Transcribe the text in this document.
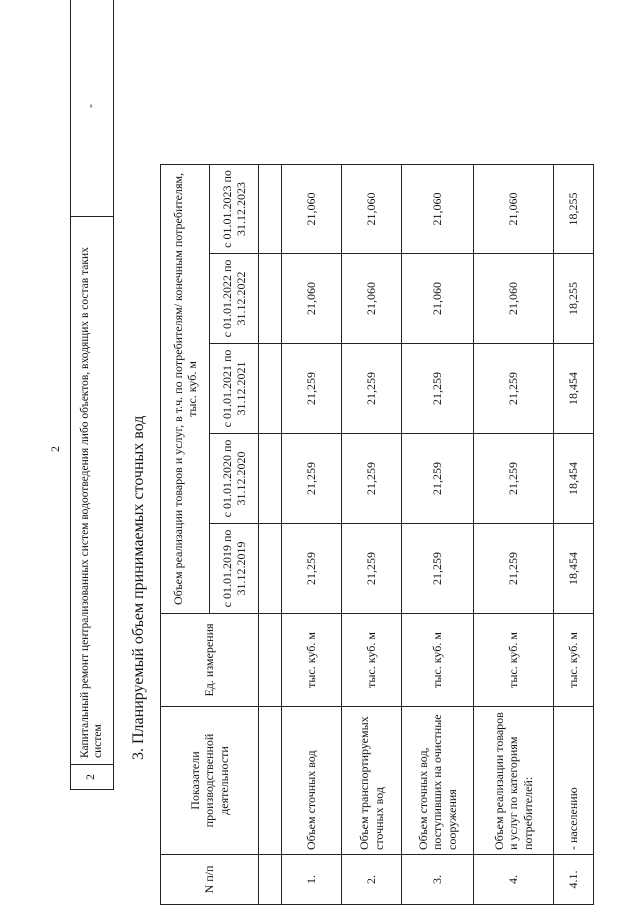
2
2	Капитальный ремонт централизованных систем водоотведения либо объектов, входящих в состав таких систем	-
3. Планируемый объем принимаемых сточных вод
N п/п	Показатели производственной деятельности	Ед. измерения	Объем реализации товаров и услуг, в т.ч. по потребителям/ конечным потребителям, тыс. куб. м				
			с 01.01.2019 по 31.12.2019	с 01.01.2020 по 31.12.2020	с 01.01.2021 по 31.12.2021	с 01.01.2022 по 31.12.2022	с 01.01.2023 по 31.12.2023

1.	Объем сточных вод	тыс. куб. м	21,259	21,259	21,259	21,060	21,060
2.	Объем транспортируемых сточных вод	тыс. куб. м	21,259	21,259	21,259	21,060	21,060
3.	Объем сточных вод, поступивших на очистные сооружения	тыс. куб. м	21,259	21,259	21,259	21,060	21,060
4.	Объем реализации товаров и услуг по категориям потребителей:	тыс. куб. м	21,259	21,259	21,259	21,060	21,060
4.1.	- населению	тыс. куб. м	18,454	18,454	18,454	18,255	18,255
